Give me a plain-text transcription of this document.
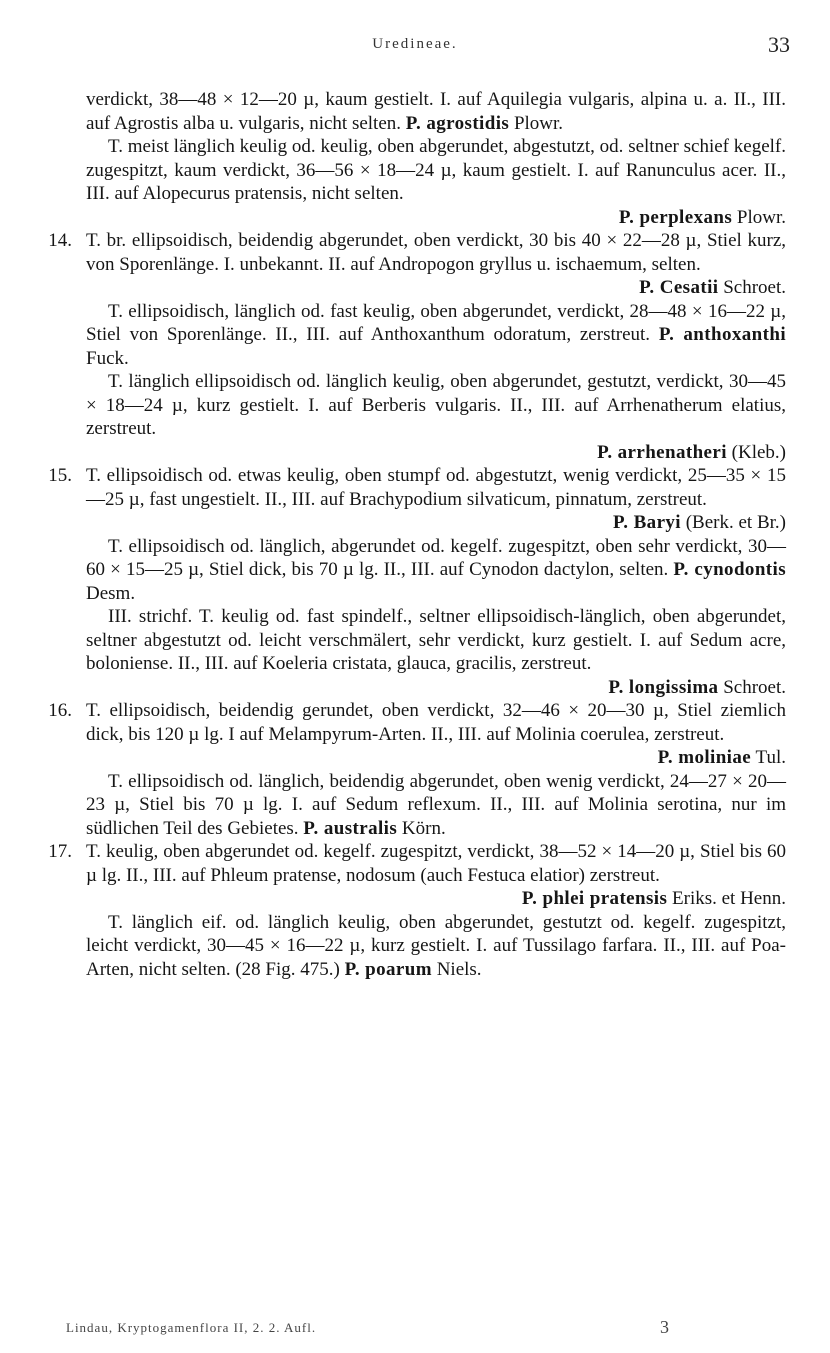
Uredineae.	33

verdickt, 38—48 × 12—20 µ, kaum gestielt. I. auf Aquilegia vulgaris, alpina u. a. II., III. auf Agrostis alba u. vulgaris, nicht selten. P. agrostidis Plowr.

T. meist länglich keulig od. keulig, oben abgerundet, abgestutzt, od. seltner schief kegelf. zugespitzt, kaum verdickt, 36—56 × 18—24 µ, kaum gestielt. I. auf Ranunculus acer. II., III. auf Alopecurus pratensis, nicht selten.
P. perplexans Plowr.

14. T. br. ellipsoidisch, beidendig abgerundet, oben verdickt, 30 bis 40 × 22—28 µ, Stiel kurz, von Sporenlänge. I. unbekannt. II. auf Andropogon gryllus u. ischaemum, selten.
P. Cesatii Schroet.

T. ellipsoidisch, länglich od. fast keulig, oben abgerundet, verdickt, 28—48 × 16—22 µ, Stiel von Sporenlänge. II., III. auf Anthoxanthum odoratum, zerstreut. P. anthoxanthi Fuck.

T. länglich ellipsoidisch od. länglich keulig, oben abgerundet, gestutzt, verdickt, 30—45 × 18—24 µ, kurz gestielt. I. auf Berberis vulgaris. II., III. auf Arrhenatherum elatius, zerstreut.
P. arrhenatheri (Kleb.)

15. T. ellipsoidisch od. etwas keulig, oben stumpf od. abgestutzt, wenig verdickt, 25—35 × 15—25 µ, fast ungestielt. II., III. auf Brachypodium silvaticum, pinnatum, zerstreut.
P. Baryi (Berk. et Br.)

T. ellipsoidisch od. länglich, abgerundet od. kegelf. zugespitzt, oben sehr verdickt, 30—60 × 15—25 µ, Stiel dick, bis 70 µ lg. II., III. auf Cynodon dactylon, selten. P. cynodontis Desm.

III. strichf. T. keulig od. fast spindelf., seltner ellipsoidisch-länglich, oben abgerundet, seltner abgestutzt od. leicht verschmälert, sehr verdickt, kurz gestielt. I. auf Sedum acre, boloniense. II., III. auf Koeleria cristata, glauca, gracilis, zerstreut.
P. longissima Schroet.

16. T. ellipsoidisch, beidendig gerundet, oben verdickt, 32—46 × 20—30 µ, Stiel ziemlich dick, bis 120 µ lg. I auf Melampyrum-Arten. II., III. auf Molinia coerulea, zerstreut.
P. moliniae Tul.

T. ellipsoidisch od. länglich, beidendig abgerundet, oben wenig verdickt, 24—27 × 20—23 µ, Stiel bis 70 µ lg. I. auf Sedum reflexum. II., III. auf Molinia serotina, nur im südlichen Teil des Gebietes. P. australis Körn.

17. T. keulig, oben abgerundet od. kegelf. zugespitzt, verdickt, 38—52 × 14—20 µ, Stiel bis 60 µ lg. II., III. auf Phleum pratense, nodosum (auch Festuca elatior) zerstreut.
P. phlei pratensis Eriks. et Henn.

T. länglich eif. od. länglich keulig, oben abgerundet, gestutzt od. kegelf. zugespitzt, leicht verdickt, 30—45 × 16—22 µ, kurz gestielt. I. auf Tussilago farfara. II., III. auf Poa-Arten, nicht selten. (28 Fig. 475.) P. poarum Niels.

Lindau, Kryptogamenflora II, 2. 2. Aufl.	3
